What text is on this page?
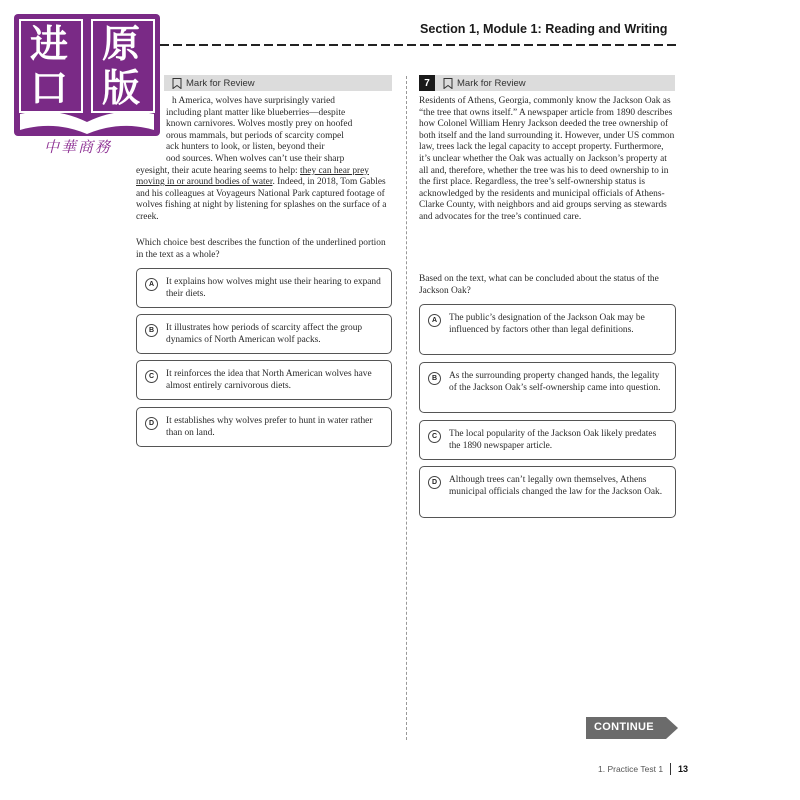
Section 1, Module 1: Reading and Writing
Mark for Review
h America, wolves have surprisingly varied
including plant matter like blueberries—despite
known carnivores. Wolves mostly prey on hoofed
orous mammals, but periods of scarcity compel
ack hunters to look, or listen, beyond their
ood sources. When wolves can’t use their sharp
eyesight, their acute hearing seems to help: they can hear prey moving in or around bodies of water. Indeed, in 2018, Tom Gables and his colleagues at Voyageurs National Park captured footage of wolves fishing at night by listening for splashes on the surface of a creek.

Which choice best describes the function of the underlined portion in the text as a whole?

A	It explains how wolves might use their hearing to expand their diets.
B	It illustrates how periods of scarcity affect the group dynamics of North American wolf packs.
C	It reinforces the idea that North American wolves have almost entirely carnivorous diets.
D	It establishes why wolves prefer to hunt in water rather than on land.
7	Mark for Review

Residents of Athens, Georgia, commonly know the Jackson Oak as “the tree that owns itself.” A newspaper article from 1890 describes how Colonel William Henry Jackson deeded the tree ownership of both itself and the land surrounding it. However, under US common law, trees lack the legal capacity to accept property. Furthermore, it’s unclear whether the Oak was actually on Jackson’s property at all and, therefore, whether the tree was his to deed ownership to in the first place. Regardless, the tree’s self-ownership status is acknowledged by the residents and municipal officials of Athens-Clarke County, with neighbors and aid groups serving as stewards and advocates for the tree’s continued care.

Based on the text, what can be concluded about the status of the Jackson Oak?

A	The public’s designation of the Jackson Oak may be influenced by factors other than legal definitions.
B	As the surrounding property changed hands, the legality of the Jackson Oak’s self-ownership came into question.
C	The local popularity of the Jackson Oak likely predates the 1890 newspaper article.
D	Although trees can’t legally own themselves, Athens municipal officials changed the law for the Jackson Oak.
进 原
口 版
中華商務
CONTINUE
1. Practice Test 1 13
